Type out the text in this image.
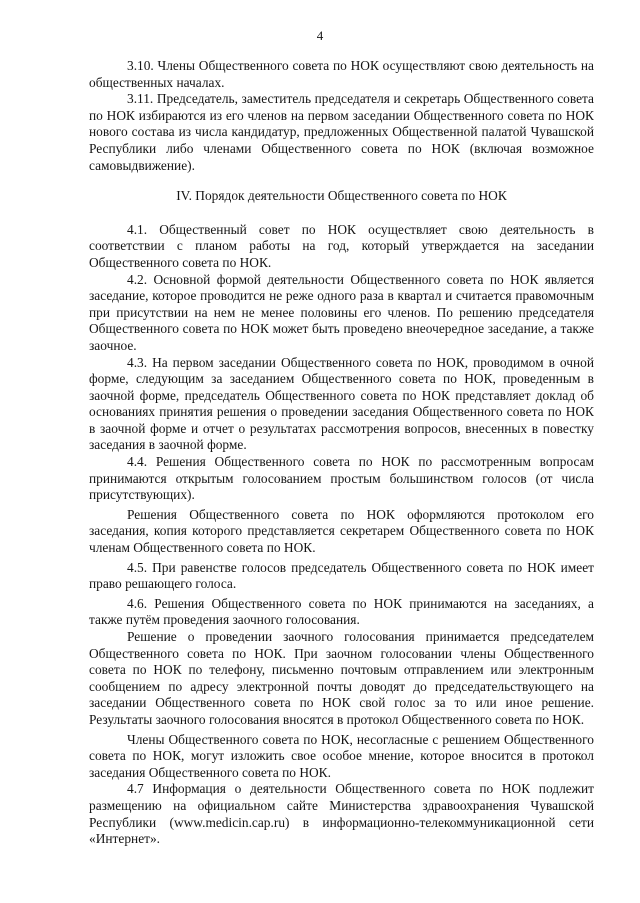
4

3.10. Члены Общественного совета по НОК осуществляют свою деятельность на общественных началах.

3.11. Председатель, заместитель председателя и секретарь Общественного совета по НОК избираются из его членов на первом заседании Общественного совета по НОК нового состава из числа кандидатур, предложенных Общественной палатой Чувашской Республики либо членами Общественного совета по НОК (включая возможное самовыдвижение).

IV. Порядок деятельности Общественного совета по НОК

4.1. Общественный совет по НОК осуществляет свою деятельность в соответствии с планом работы на год, который утверждается на заседании Общественного совета по НОК.

4.2. Основной формой деятельности Общественного совета по НОК является заседание, которое проводится не реже одного раза в квартал и считается правомочным при присутствии на нем не менее половины его членов. По решению председателя Общественного совета по НОК может быть проведено внеочередное заседание, а также заочное.

4.3. На первом заседании Общественного совета по НОК, проводимом в очной форме, следующим за заседанием Общественного совета по НОК, проведенным в заочной форме, председатель Общественного совета по НОК представляет доклад об основаниях принятия решения о проведении заседания Общественного совета по НОК в заочной форме и отчет о результатах рассмотрения вопросов, внесенных в повестку заседания в заочной форме.

4.4. Решения Общественного совета по НОК по рассмотренным вопросам принимаются открытым голосованием простым большинством голосов (от числа присутствующих).

Решения Общественного совета по НОК оформляются протоколом его заседания, копия которого представляется секретарем Общественного совета по НОК членам Общественного совета по НОК.

4.5. При равенстве голосов председатель Общественного совета по НОК имеет право решающего голоса.

4.6. Решения Общественного совета по НОК принимаются на заседаниях, а также путём проведения заочного голосования.

Решение о проведении заочного голосования принимается председателем Общественного совета по НОК. При заочном голосовании члены Общественного совета по НОК по телефону, письменно почтовым отправлением или электронным сообщением по адресу электронной почты доводят до председательствующего на заседании Общественного совета по НОК свой голос за то или иное решение. Результаты заочного голосования вносятся в протокол Общественного совета по НОК.

Члены Общественного совета по НОК, несогласные с решением Общественного совета по НОК, могут изложить свое особое мнение, которое вносится в протокол заседания Общественного совета по НОК.

4.7 Информация о деятельности Общественного совета по НОК подлежит размещению на официальном сайте Министерства здравоохранения Чувашской Республики (www.medicin.cap.ru) в информационно-телекоммуникационной сети «Интернет».
